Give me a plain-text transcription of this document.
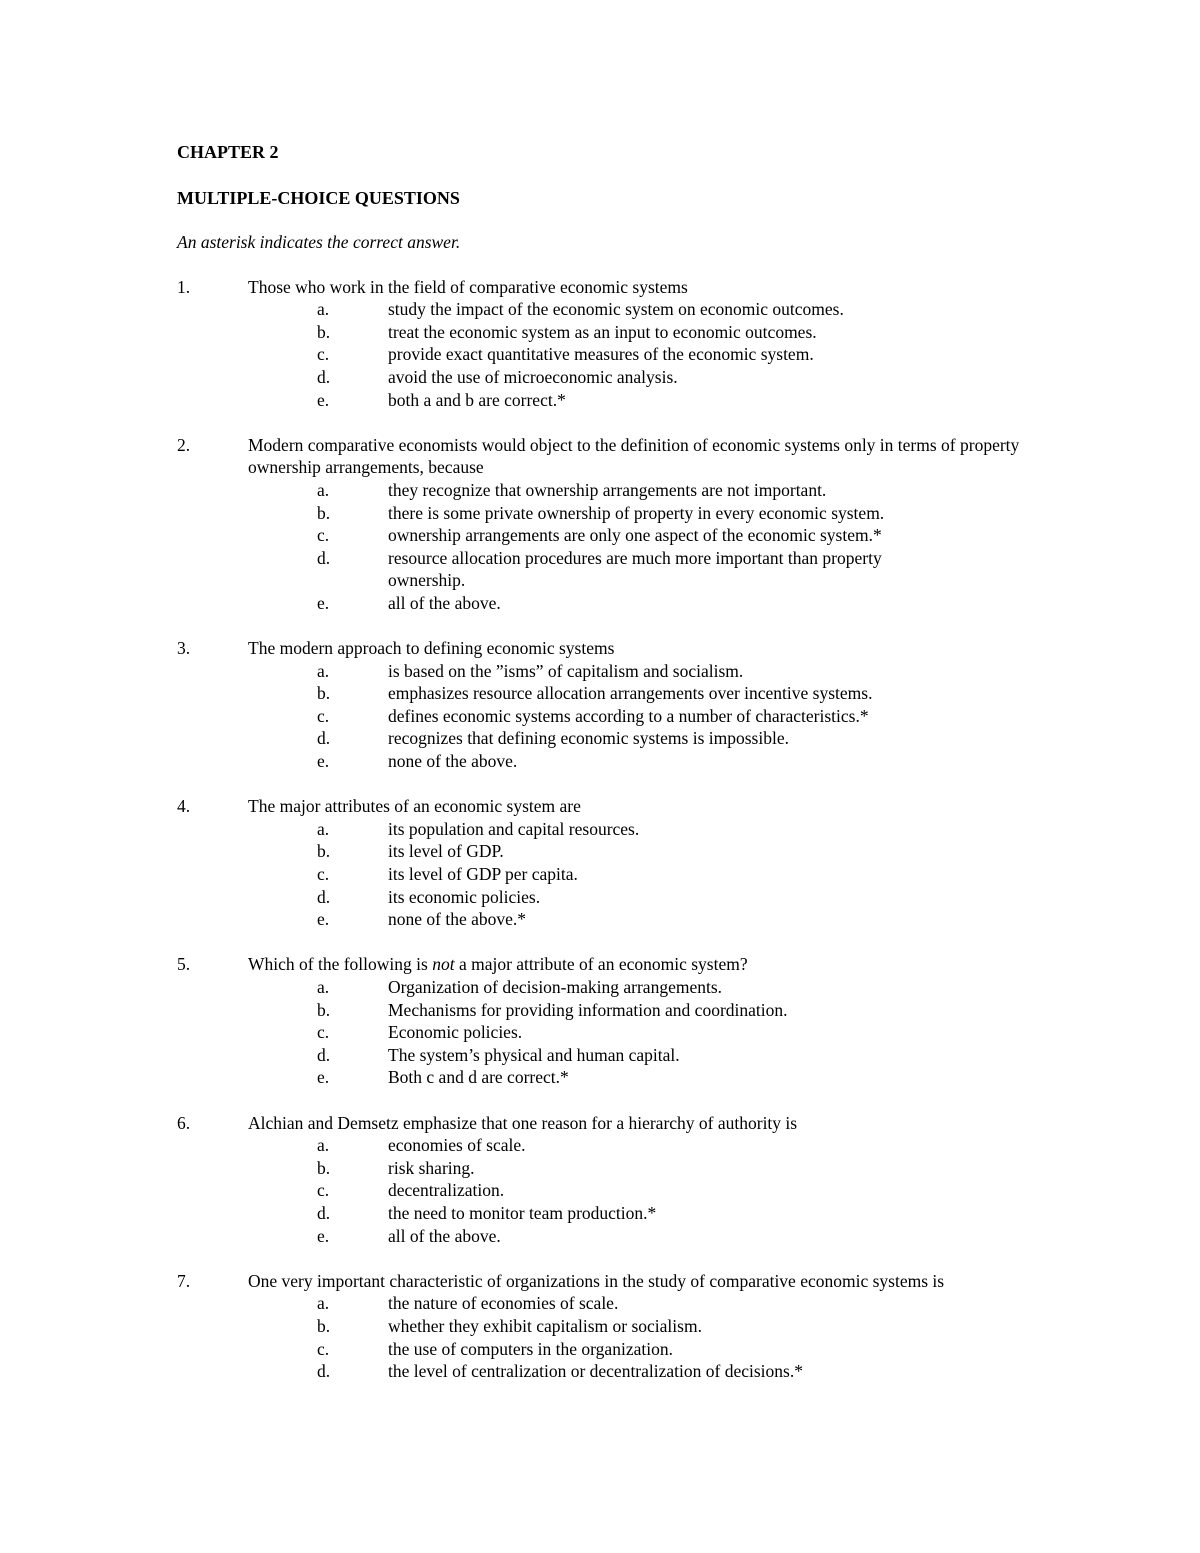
CHAPTER 2
MULTIPLE-CHOICE QUESTIONS
An asterisk indicates the correct answer.
1.	Those who work in the field of comparative economic systems
a.	study the impact of the economic system on economic outcomes.
b.	treat the economic system as an input to economic outcomes.
c.	provide exact quantitative measures of the economic system.
d.	avoid the use of microeconomic analysis.
e.	both a and b are correct.*
2.	Modern comparative economists would object to the definition of economic systems only in terms of property ownership arrangements, because
a.	they recognize that ownership arrangements are not important.
b.	there is some private ownership of property in every economic system.
c.	ownership arrangements are only one aspect of the economic system.*
d.	resource allocation procedures are much more important than property ownership.
e.	all of the above.
3.	The modern approach to defining economic systems
a.	is based on the ”isms” of capitalism and socialism.
b.	emphasizes resource allocation arrangements over incentive systems.
c.	defines economic systems according to a number of characteristics.*
d.	recognizes that defining economic systems is impossible.
e.	none of the above.
4.	The major attributes of an economic system are
a.	its population and capital resources.
b.	its level of GDP.
c.	its level of GDP per capita.
d.	its economic policies.
e.	none of the above.*
5.	Which of the following is not a major attribute of an economic system?
a.	Organization of decision-making arrangements.
b.	Mechanisms for providing information and coordination.
c.	Economic policies.
d.	The system’s physical and human capital.
e.	Both c and d are correct.*
6.	Alchian and Demsetz emphasize that one reason for a hierarchy of authority is
a.	economies of scale.
b.	risk sharing.
c.	decentralization.
d.	the need to monitor team production.*
e.	all of the above.
7.	One very important characteristic of organizations in the study of comparative economic systems is
a.	the nature of economies of scale.
b.	whether they exhibit capitalism or socialism.
c.	the use of computers in the organization.
d.	the level of centralization or decentralization of decisions.*
